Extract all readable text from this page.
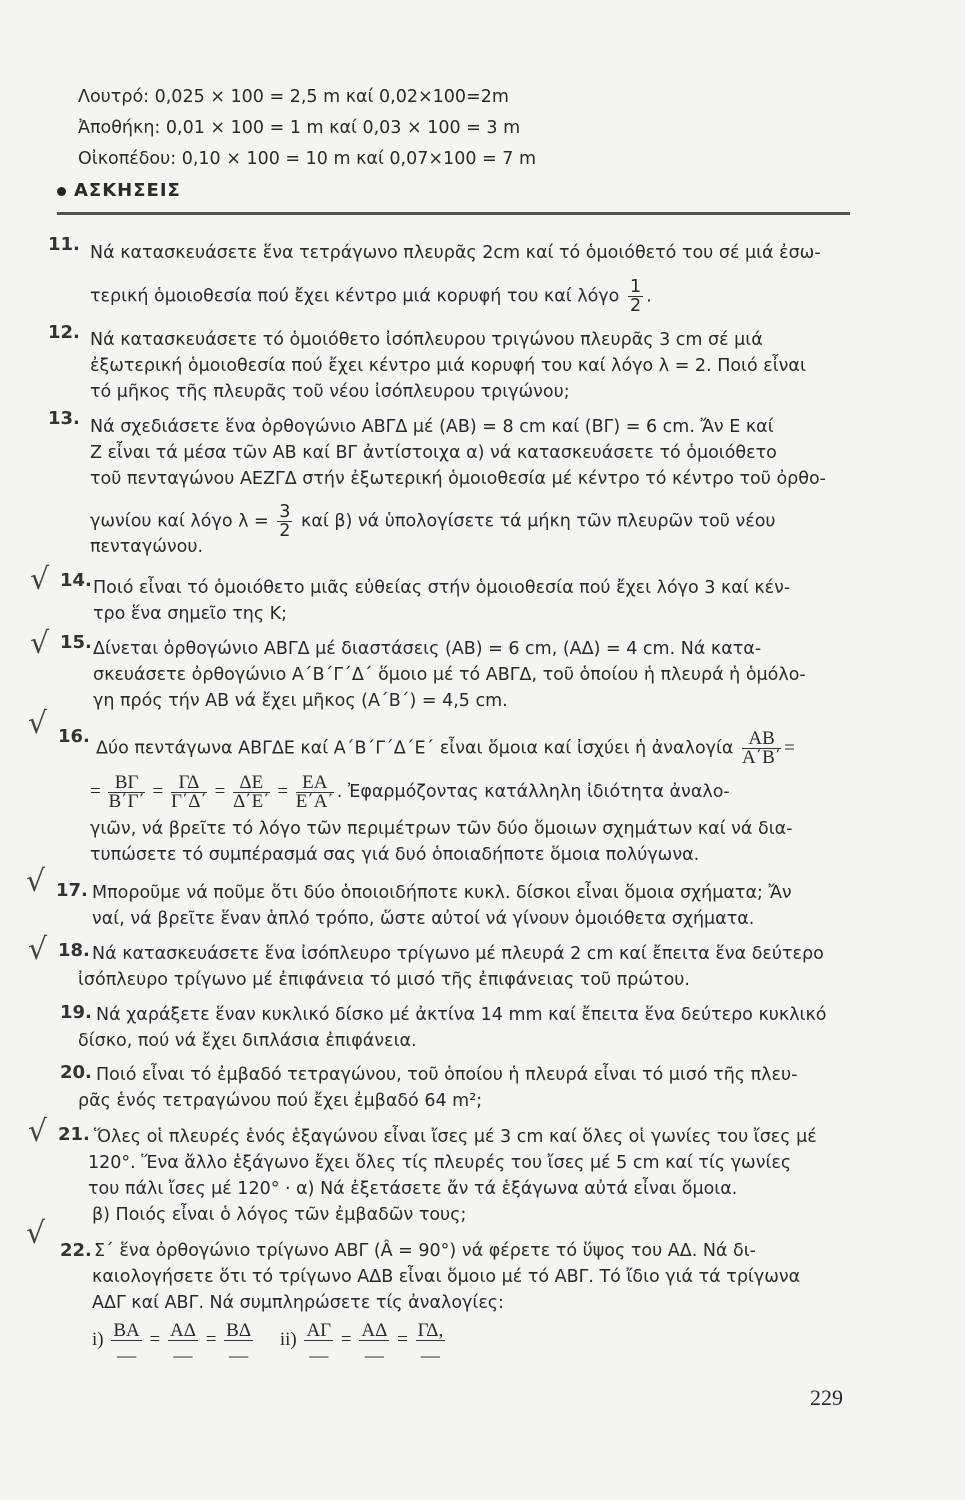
Λουτρό: 0,025 × 100 = 2,5 m καί 0,02×100=2m
Ἀποθήκη: 0,01 × 100 = 1 m καί 0,03 × 100 = 3 m
Οἰκοπέδου: 0,10 × 100 = 10 m καί 0,07×100 = 7 m
ΑΣΚΗΣΕΙΣ
11. Νά κατασκευάσετε ἕνα τετράγωνο πλευρᾶς 2cm καί τό ὁμοιόθετό του σέ μιά ἐσω-
τερική ὁμοιοθεσία πού ἔχει κέντρο μιά κορυφή του καί λόγο $\frac{1}{2}$ .
12. Νά κατασκευάσετε τό ὁμοιόθετο ἰσόπλευρου τριγώνου πλευρᾶς 3 cm σέ μιά
ἐξωτερική ὁμοιοθεσία πού ἔχει κέντρο μιά κορυφή του καί λόγο λ = 2. Ποιό εἶναι
τό μῆκος τῆς πλευρᾶς τοῦ νέου ἰσόπλευρου τριγώνου;
13. Νά σχεδιάσετε ἕνα ὀρθογώνιο ΑΒΓΔ μέ (ΑΒ) = 8 cm καί (ΒΓ) = 6 cm. Ἄν Ε καί
Ζ εἶναι τά μέσα τῶν ΑΒ καί ΒΓ ἀντίστοιχα α) νά κατασκευάσετε τό ὁμοιόθετο
τοῦ πενταγώνου ΑΕΖΓΔ στήν ἐξωτερική ὁμοιοθεσία μέ κέντρο τό κέντρο τοῦ ὀρθο-
γωνίου καί λόγο $\lambda = \frac{3}{2}$ καί β) νά ὑπολογίσετε τά μήκη τῶν πλευρῶν τοῦ νέου
πενταγώνου.
√ 14. Ποιό εἶναι τό ὁμοιόθετο μιᾶς εὐθείας στήν ὁμοιοθεσία πού ἔχει λόγο 3 καί κέν-
τρο ἕνα σημεῖο της Κ;
√ 15. Δίνεται ὀρθογώνιο ΑΒΓΔ μέ διαστάσεις (ΑΒ) = 6 cm, (ΑΔ) = 4 cm. Νά κατα-
σκευάσετε ὀρθογώνιο Α΄Β΄Γ΄Δ΄ ὅμοιο μέ τό ΑΒΓΔ, τοῦ ὁποίου ἡ πλευρά ἡ ὁμόλο-
γη πρός τήν ΑΒ νά ἔχει μῆκος (Α΄Β΄) = 4,5 cm.
√ 16.
Δύο πεντάγωνα ΑΒΓΔΕ καί Α΄Β΄Γ΄Δ΄Ε΄ εἶναι ὅμοια καί ἰσχύει ἡ ἀναλογία $\frac{AB}{A΄B΄}$ =
= $\frac{B\Gamma}{B΄\Gamma΄} = \frac{\Gamma\Delta}{\Gamma΄\Delta΄} = \frac{\Delta E}{\Delta΄E΄} = \frac{EA}{E΄A΄}$ . Ἐφαρμόζοντας κατάλληλη ἰδιότητα ἀναλο-
γιῶν, νά βρεῖτε τό λόγο τῶν περιμέτρων τῶν δύο ὅμοιων σχημάτων καί νά δια-
τυπώσετε τό συμπέρασμά σας γιά δυό ὁποιαδήποτε ὅμοια πολύγωνα.
√ 17. Μποροῦμε νά ποῦμε ὅτι δύο ὁποιοιδήποτε κυκλ. δίσκοι εἶναι ὅμοια σχήματα; Ἄν
ναί, νά βρεῖτε ἕναν ἁπλό τρόπο, ὥστε αὐτοί νά γίνουν ὁμοιόθετα σχήματα.
√ 18. Νά κατασκευάσετε ἕνα ἰσόπλευρο τρίγωνο μέ πλευρά 2 cm καί ἔπειτα ἕνα δεύτερο
ἰσόπλευρο τρίγωνο μέ ἐπιφάνεια τό μισό τῆς ἐπιφάνειας τοῦ πρώτου.
19. Νά χαράξετε ἕναν κυκλικό δίσκο μέ ἀκτίνα 14 mm καί ἔπειτα ἕνα δεύτερο κυκλικό
δίσκο, πού νά ἔχει διπλάσια ἐπιφάνεια.
20. Ποιό εἶναι τό ἐμβαδό τετραγώνου, τοῦ ὁποίου ἡ πλευρά εἶναι τό μισό τῆς πλευ-
ρᾶς ἑνός τετραγώνου πού ἔχει ἐμβαδό 64 m²;
√ 21. Ὅλες οἱ πλευρές ἑνός ἑξαγώνου εἶναι ἴσες μέ 3 cm καί ὅλες οἱ γωνίες του ἴσες μέ
120°. Ἕνα ἄλλο ἑξάγωνο ἔχει ὅλες τίς πλευρές του ἴσες μέ 5 cm καί τίς γωνίες
του πάλι ἴσες μέ 120° · α) Νά ἐξετάσετε ἄν τά ἑξάγωνα αὐτά εἶναι ὅμοια.
β) Ποιός εἶναι ὁ λόγος τῶν ἐμβαδῶν τους;
√ 22. Σ΄ ἕνα ὀρθογώνιο τρίγωνο ΑΒΓ (Â = 90°) νά φέρετε τό ὕψος του ΑΔ. Νά δι-
καιολογήσετε ὅτι τό τρίγωνο ΑΔΒ εἶναι ὅμοιο μέ τό ΑΒΓ. Τό ἴδιο γιά τά τρίγωνα
ΑΔΓ καί ΑΒΓ. Νά συμπληρώσετε τίς ἀναλογίες:
$i) \frac{BA}{\_\_} = \frac{A\Delta}{\_\_} = \frac{B\Delta}{\_\_} ii) \frac{A\Gamma}{\_\_} = \frac{A\Delta}{\_\_} = \frac{\Gamma\Delta,}{\_\_}$
229
